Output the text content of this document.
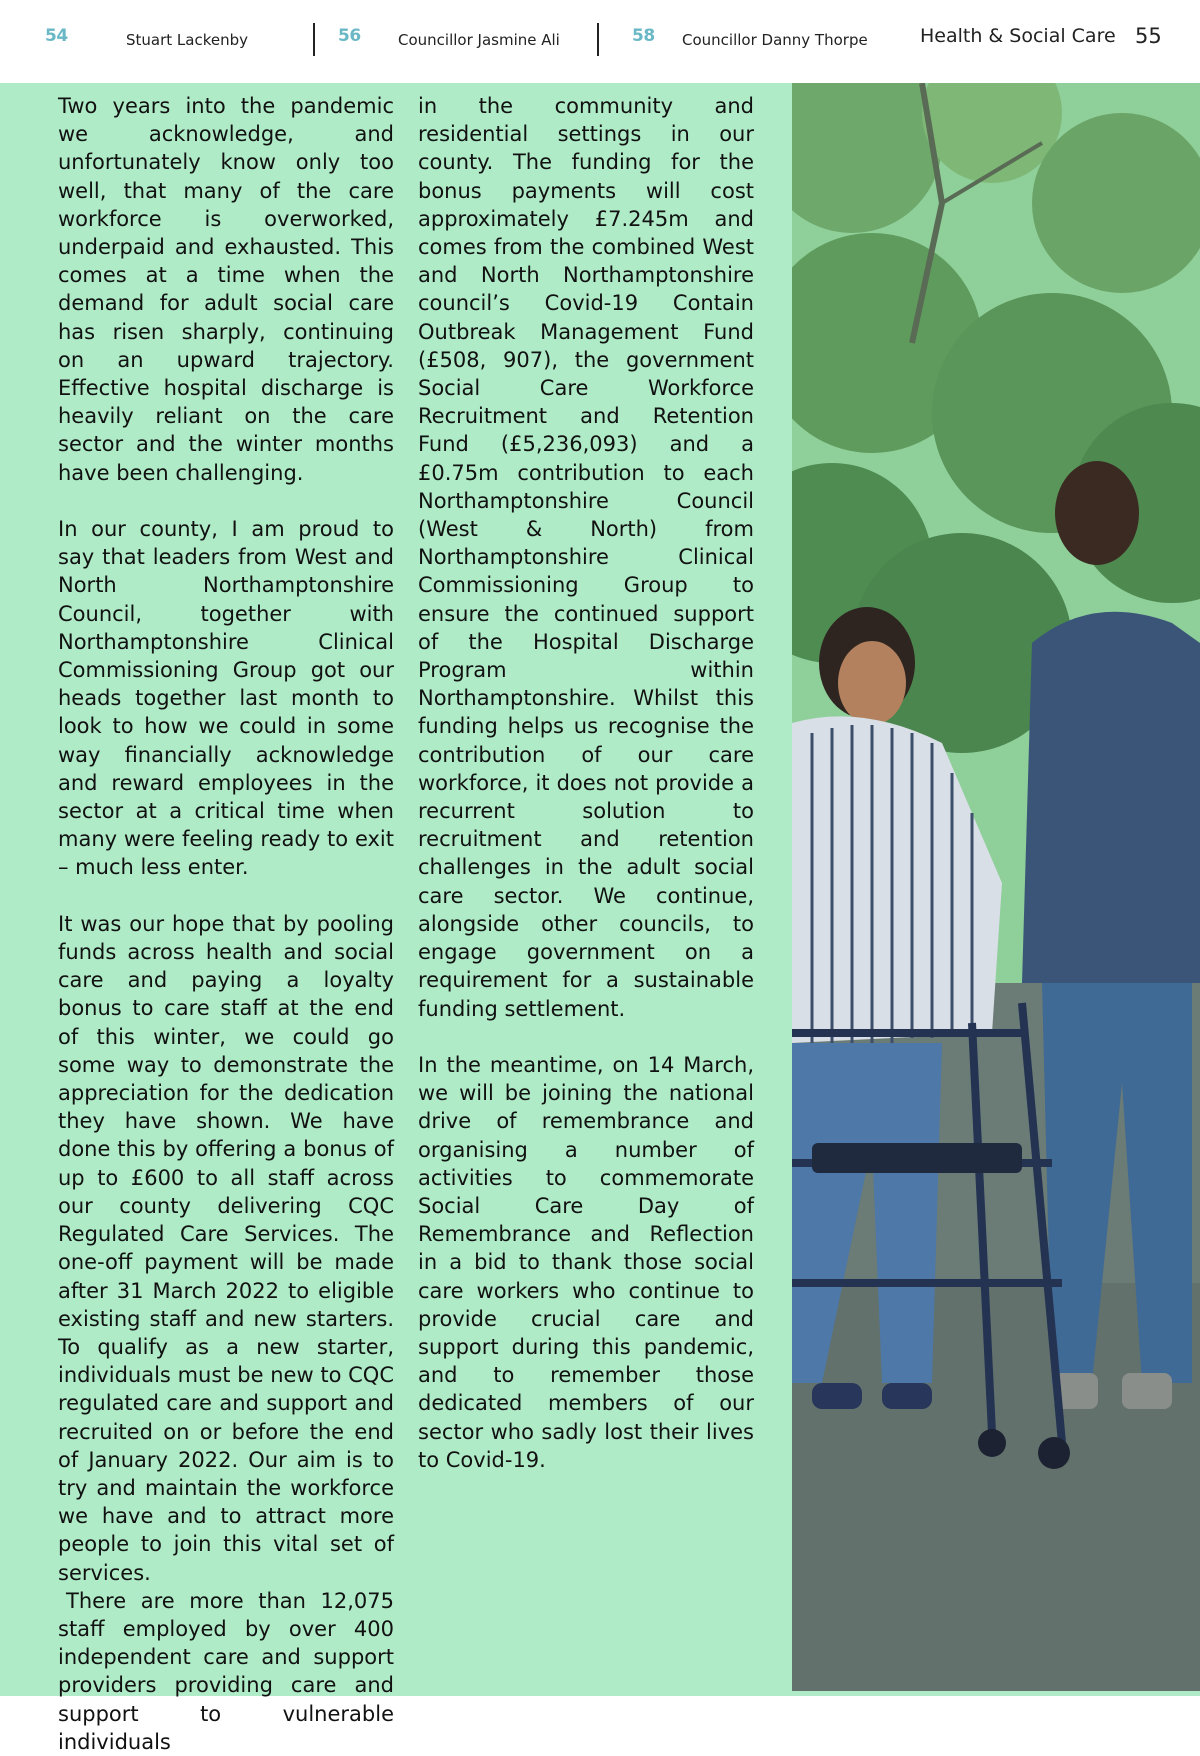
54	Stuart Lackenby	56 Councillor Jasmine Ali	58 Councillor Danny Thorpe	Health & Social Care 55

Two years into the pandemic we acknowledge, and unfortunately know only too well, that many of the care workforce is overworked, underpaid and exhausted. This comes at a time when the demand for adult social care has risen sharply, continuing on an upward trajectory. Effective hospital discharge is heavily reliant on the care sector and the winter months have been challenging.

In our county, I am proud to say that leaders from West and North Northamptonshire Council, together with Northamptonshire Clinical Commissioning Group got our heads together last month to look to how we could in some way financially acknowledge and reward employees in the sector at a critical time when many were feeling ready to exit – much less enter.

It was our hope that by pooling funds across health and social care and paying a loyalty bonus to care staff at the end of this winter, we could go some way to demonstrate the appreciation for the dedication they have shown. We have done this by offering a bonus of up to £600 to all staff across our county delivering CQC Regulated Care Services. The one-off payment will be made after 31 March 2022 to eligible existing staff and new starters. To qualify as a new starter, individuals must be new to CQC regulated care and support and recruited on or before the end of January 2022. Our aim is to try and maintain the workforce we have and to attract more people to join this vital set of services.

There are more than 12,075 staff employed by over 400 independent care and support providers providing care and support to vulnerable individuals

in the community and residential settings in our county. The funding for the bonus payments will cost approximately £7.245m and comes from the combined West and North Northamptonshire council’s Covid-19 Contain Outbreak Management Fund (£508, 907), the government Social Care Workforce Recruitment and Retention Fund (£5,236,093) and a £0.75m contribution to each Northamptonshire Council (West & North) from Northamptonshire Clinical Commissioning Group to ensure the continued support of the Hospital Discharge Program within Northamptonshire. Whilst this funding helps us recognise the contribution of our care workforce, it does not provide a recurrent solution to recruitment and retention challenges in the adult social care sector. We continue, alongside other councils, to engage government on a requirement for a sustainable funding settlement.

In the meantime, on 14 March, we will be joining the national drive of remembrance and organising a number of activities to commemorate Social Care Day of Remembrance and Reflection in a bid to thank those social care workers who continue to provide crucial care and support during this pandemic, and to remember those dedicated members of our sector who sadly lost their lives to Covid-19.
